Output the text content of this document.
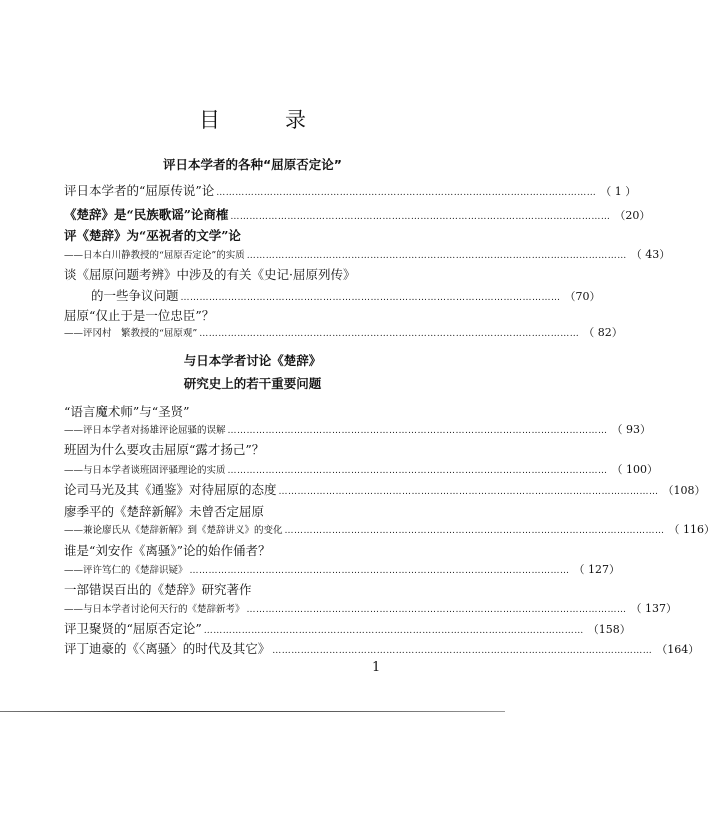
目　录
评日本学者的各种“屈原否定论”
评日本学者的“屈原传说”论 ………………………………………………………………………………………………………… （ 1 ）
《楚辞》是“民族歌谣”论商榷 ………………………………………………………………………………………………………… （20）
评《楚辞》为“巫祝者的文学”论
——日本白川静教授的“屈原否定论”的实质 ………………………………………………………………………………………………………… （ 43）
谈《屈原问题考辨》中涉及的有关《史记·屈原列传》
的一些争议问题 ………………………………………………………………………………………………………… （70）
屈原“仅止于是一位忠臣”？
——评冈村　繁教授的“屈原观” ………………………………………………………………………………………………………… （ 82）
与日本学者讨论《楚辞》
研究史上的若干重要问题
“语言魔术师”与“圣贤”
——评日本学者对扬雄评论屈骚的误解 ………………………………………………………………………………………………………… （ 93）
班固为什么要攻击屈原“露才扬己”？
——与日本学者谈班固评骚理论的实质 ………………………………………………………………………………………………………… （ 100）
论司马光及其《通鉴》对待屈原的态度 ………………………………………………………………………………………………………… （108）
廖季平的《楚辞新解》未曾否定屈原
——兼论廖氏从《楚辞新解》到《楚辞讲义》的变化 ………………………………………………………………………………………………………… （ 116）
谁是“刘安作《离骚》”论的始作俑者？
——评许笃仁的《楚辞识疑》 ………………………………………………………………………………………………………… （ 127）
一部错误百出的《楚辞》研究著作
——与日本学者讨论何天行的《楚辞新考》 ………………………………………………………………………………………………………… （ 137）
评卫聚贤的“屈原否定论” ………………………………………………………………………………………………………… （158）
评丁迪豪的《〈离骚〉的时代及其它》 ………………………………………………………………………………………………………… （164）
1
